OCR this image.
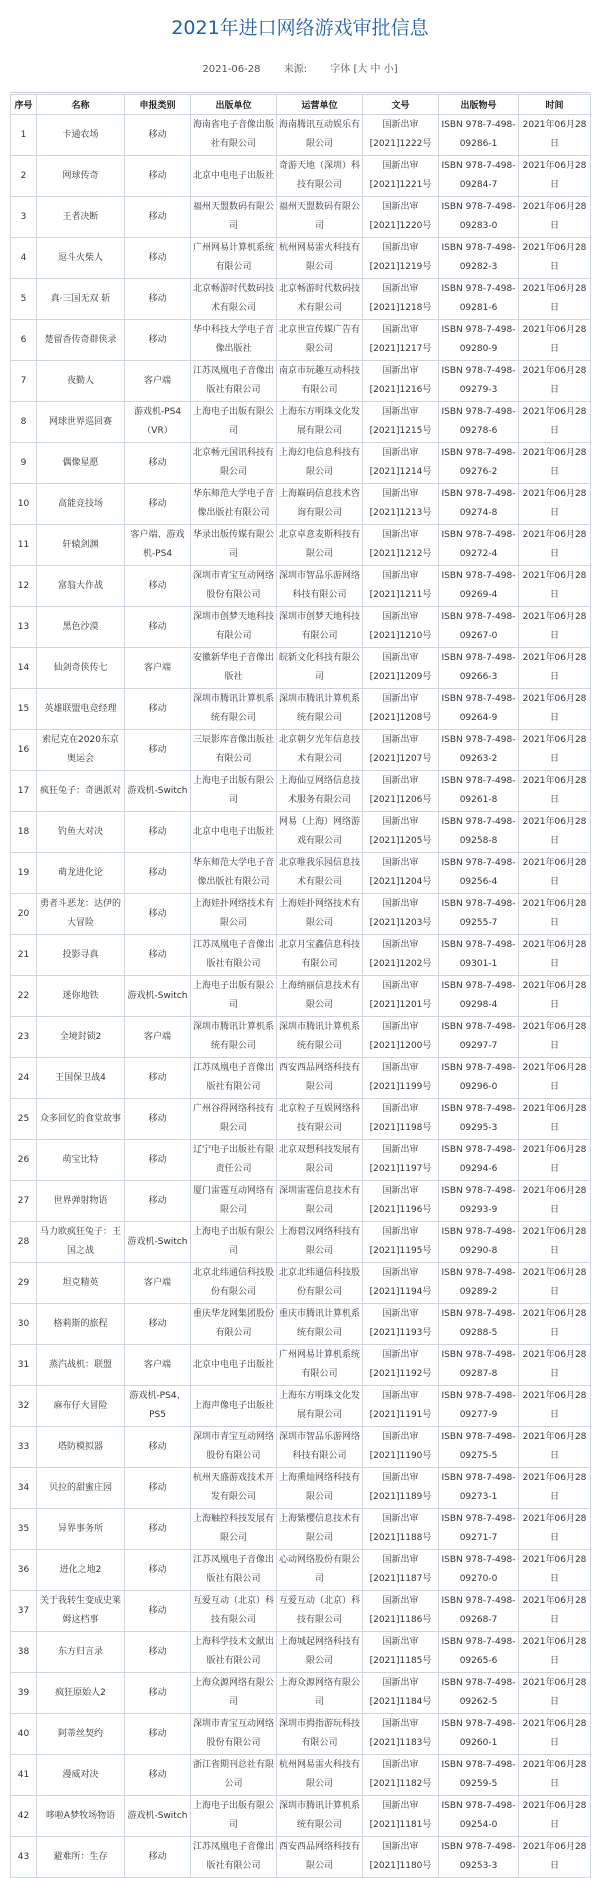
2021年进口网络游戏审批信息
2021-06-28 来源: 字体 [大 中 小]
序号	名称	申报类别	出版单位	运营单位	文号	出版物号	时间
1	卡通农场	移动	海南省电子音像出版社有限公司	海南腾讯互动娱乐有限公司	国新出审[2021]1222号	ISBN 978-7-498-09286-1	2021年06月28日
2	网球传奇	移动	北京中电电子出版社	奇游天地（深圳）科技有限公司	国新出审[2021]1221号	ISBN 978-7-498-09284-7	2021年06月28日
3	王者决断	移动	福州天盟数码有限公司	福州天盟数码有限公司	国新出审[2021]1220号	ISBN 978-7-498-09283-0	2021年06月28日
4	逗斗火柴人	移动	广州网易计算机系统有限公司	杭州网易雷火科技有限公司	国新出审[2021]1219号	ISBN 978-7-498-09282-3	2021年06月28日
5	真·三国无双 斩	移动	北京畅游时代数码技术有限公司	北京畅游时代数码技术有限公司	国新出审[2021]1218号	ISBN 978-7-498-09281-6	2021年06月28日
6	楚留香传奇群侠录	移动	华中科技大学电子音像出版社	北京世宣传媒广告有限公司	国新出审[2021]1217号	ISBN 978-7-498-09280-9	2021年06月28日
7	夜勤人	客户端	江苏凤凰电子音像出版社有限公司	南京市玩趣互动科技有限公司	国新出审[2021]1216号	ISBN 978-7-498-09279-3	2021年06月28日
8	网球世界巡回赛	游戏机-PS4（VR）	上海电子出版有限公司	上海东方明珠文化发展有限公司	国新出审[2021]1215号	ISBN 978-7-498-09278-6	2021年06月28日
9	偶像星愿	移动	北京畅元国讯科技有限公司	上海幻电信息科技有限公司	国新出审[2021]1214号	ISBN 978-7-498-09276-2	2021年06月28日
10	高能竞技场	移动	华东师范大学电子音像出版社有限公司	上海巅码信息技术咨询有限公司	国新出审[2021]1213号	ISBN 978-7-498-09274-8	2021年06月28日
11	轩辕剑渊	客户端、游戏机-PS4	华录出版传媒有限公司	北京卓意麦斯科技有限公司	国新出审[2021]1212号	ISBN 978-7-498-09272-4	2021年06月28日
12	富翁大作战	移动	深圳市青宝互动网络股份有限公司	深圳市智品乐游网络科技有限公司	国新出审[2021]1211号	ISBN 978-7-498-09269-4	2021年06月28日
13	黑色沙漠	移动	深圳市创梦天地科技有限公司	深圳市创梦天地科技有限公司	国新出审[2021]1210号	ISBN 978-7-498-09267-0	2021年06月28日
14	仙剑奇侠传七	客户端	安徽新华电子音像出版社	皖新文化科技有限公司	国新出审[2021]1209号	ISBN 978-7-498-09266-3	2021年06月28日
15	英雄联盟电竞经理	移动	深圳市腾讯计算机系统有限公司	深圳市腾讯计算机系统有限公司	国新出审[2021]1208号	ISBN 978-7-498-09264-9	2021年06月28日
16	索尼克在2020东京奥运会	移动	三辰影库音像出版社有限公司	北京朝夕光年信息技术有限公司	国新出审[2021]1207号	ISBN 978-7-498-09263-2	2021年06月28日
17	疯狂兔子：奇遇派对	游戏机-Switch	上海电子出版有限公司	上海仙豆网络信息技术服务有限公司	国新出审[2021]1206号	ISBN 978-7-498-09261-8	2021年06月28日
18	钓鱼大对决	移动	北京中电电子出版社	网易（上海）网络游戏有限公司	国新出审[2021]1205号	ISBN 978-7-498-09258-8	2021年06月28日
19	萌龙进化论	移动	华东师范大学电子音像出版社有限公司	北京唯我乐园信息技术有限公司	国新出审[2021]1204号	ISBN 978-7-498-09256-4	2021年06月28日
20	勇者斗恶龙：达伊的大冒险	移动	上海娃扑网络技术有限公司	上海娃扑网络技术有限公司	国新出审[2021]1203号	ISBN 978-7-498-09255-7	2021年06月28日
21	投影寻真	移动	江苏凤凰电子音像出版社有限公司	北京月宝鑫信息科技有限公司	国新出审[2021]1202号	ISBN 978-7-498-09301-1	2021年06月28日
22	迷你地铁	游戏机-Switch	上海电子出版有限公司	上海纳丽信息技术有限公司	国新出审[2021]1201号	ISBN 978-7-498-09298-4	2021年06月28日
23	全境封锁2	客户端	深圳市腾讯计算机系统有限公司	深圳市腾讯计算机系统有限公司	国新出审[2021]1200号	ISBN 978-7-498-09297-7	2021年06月28日
24	王国保卫战4	移动	江苏凤凰电子音像出版社有限公司	西安西品网络科技有限公司	国新出审[2021]1199号	ISBN 978-7-498-09296-0	2021年06月28日
25	众多回忆的食堂故事	移动	广州谷得网络科技有限公司	北京粒子互娱网络科技有限公司	国新出审[2021]1198号	ISBN 978-7-498-09295-3	2021年06月28日
26	萌宝比特	移动	辽宁电子出版社有限责任公司	北京双想科技发展有限公司	国新出审[2021]1197号	ISBN 978-7-498-09294-6	2021年06月28日
27	世界弹射物语	移动	厦门雷霆互动网络有限公司	深圳雷霆信息技术有限公司	国新出审[2021]1196号	ISBN 978-7-498-09293-9	2021年06月28日
28	马力欧疯狂兔子：王国之战	游戏机-Switch	上海电子出版有限公司	上海碧汉网络科技有限公司	国新出审[2021]1195号	ISBN 978-7-498-09290-8	2021年06月28日
29	坦克精英	客户端	北京北纬通信科技股份有限公司	北京北纬通信科技股份有限公司	国新出审[2021]1194号	ISBN 978-7-498-09289-2	2021年06月28日
30	格莉斯的旅程	移动	重庆华龙网集团股份有限公司	重庆市腾讯计算机系统有限公司	国新出审[2021]1193号	ISBN 978-7-498-09288-5	2021年06月28日
31	蒸汽战机：联盟	客户端	北京中电电子出版社	广州网易计算机系统有限公司	国新出审[2021]1192号	ISBN 978-7-498-09287-8	2021年06月28日
32	麻布仔大冒险	游戏机-PS4、PS5	上海声像电子出版社	上海东方明珠文化发展有限公司	国新出审[2021]1191号	ISBN 978-7-498-09277-9	2021年06月28日
33	塔防模拟器	移动	深圳市青宝互动网络股份有限公司	深圳市智品乐游网络科技有限公司	国新出审[2021]1190号	ISBN 978-7-498-09275-5	2021年06月28日
34	贝拉的甜蜜庄园	移动	杭州天盛游戏技术开发有限公司	上海熏灿网络科技有限公司	国新出审[2021]1189号	ISBN 978-7-498-09273-1	2021年06月28日
35	异界事务所	移动	上海触控科技发展有限公司	上海紫樱信息技术有限公司	国新出审[2021]1188号	ISBN 978-7-498-09271-7	2021年06月28日
36	进化之地2	移动	江苏凤凰电子音像出版社有限公司	心动网络股份有限公司	国新出审[2021]1187号	ISBN 978-7-498-09270-0	2021年06月28日
37	关于我转生变成史莱姆这档事	移动	互爱互动（北京）科技有限公司	互爱互动（北京）科技有限公司	国新出审[2021]1186号	ISBN 978-7-498-09268-7	2021年06月28日
38	东方归言录	移动	上海科学技术文献出版社有限公司	上海城起网络科技有限公司	国新出审[2021]1185号	ISBN 978-7-498-09265-6	2021年06月28日
39	疯狂原始人2	移动	上海众源网络有限公司	上海众源网络有限公司	国新出审[2021]1184号	ISBN 978-7-498-09262-5	2021年06月28日
40	阿蒂丝契约	移动	深圳市青宝互动网络股份有限公司	深圳市拇指游玩科技有限公司	国新出审[2021]1183号	ISBN 978-7-498-09260-1	2021年06月28日
41	漫威对决	移动	浙江省期刊总社有限公司	杭州网易雷火科技有限公司	国新出审[2021]1182号	ISBN 978-7-498-09259-5	2021年06月28日
42	哆啦A梦牧场物语	游戏机-Switch	上海电子出版有限公司	深圳市腾讯计算机系统有限公司	国新出审[2021]1181号	ISBN 978-7-498-09254-0	2021年06月28日
43	避难所：生存	移动	江苏凤凰电子音像出版社有限公司	西安西品网络科技有限公司	国新出审[2021]1180号	ISBN 978-7-498-09253-3	2021年06月28日
